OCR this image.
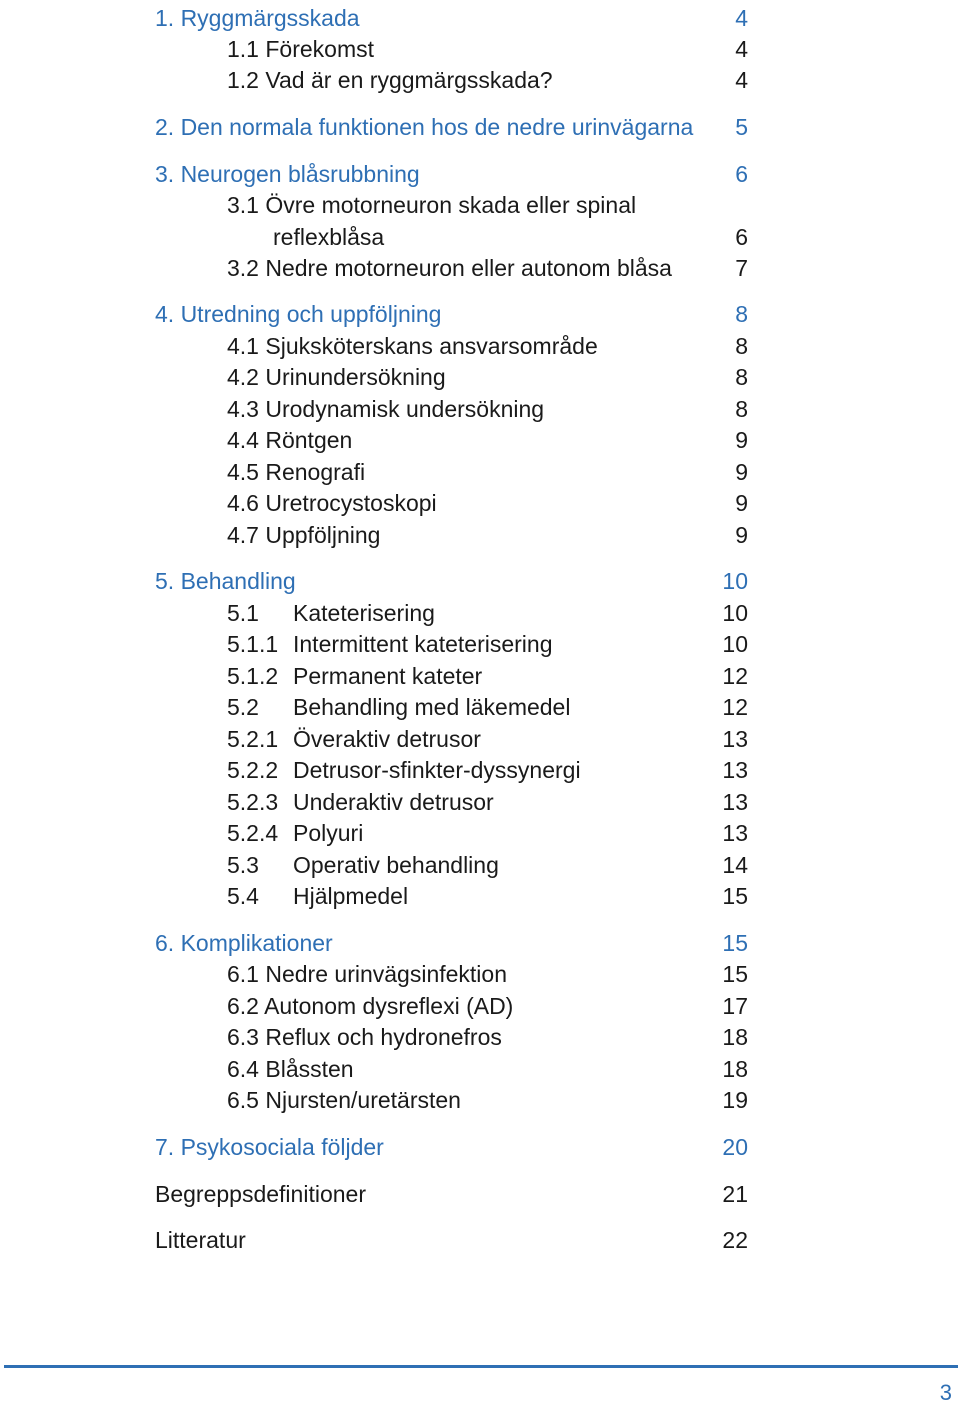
1. Ryggmärgsskada	4
1.1 Förekomst	4
1.2 Vad är en ryggmärgsskada?	4
2. Den normala funktionen hos de nedre urinvägarna 5
3. Neurogen blåsrubbning	6
3.1 Övre motorneuron skada eller spinal
reflexblåsa	6
3.2 Nedre motorneuron eller autonom blåsa	7
4. Utredning och uppföljning	8
4.1 Sjuksköterskans ansvarsområde	8
4.2 Urinundersökning	8
4.3 Urodynamisk undersökning	8
4.4 Röntgen	9
4.5 Renografi	9
4.6 Uretrocystoskopi	9
4.7 Uppföljning	9
5. Behandling	10
5.1 Kateterisering	10
5.1.1 Intermittent kateterisering	10
5.1.2 Permanent kateter	12
5.2 Behandling med läkemedel	12
5.2.1 Överaktiv detrusor	13
5.2.2 Detrusor-sfinkter-dyssynergi	13
5.2.3 Underaktiv detrusor	13
5.2.4 Polyuri	13
5.3 Operativ behandling	14
5.4 Hjälpmedel	15
6. Komplikationer	15
6.1 Nedre urinvägsinfektion	15
6.2 Autonom dysreflexi (AD)	17
6.3 Reflux och hydronefros	18
6.4 Blåssten	18
6.5 Njursten/uretärsten	19
7. Psykosociala följder	20
Begreppsdefinitioner	21
Litteratur	22
3
